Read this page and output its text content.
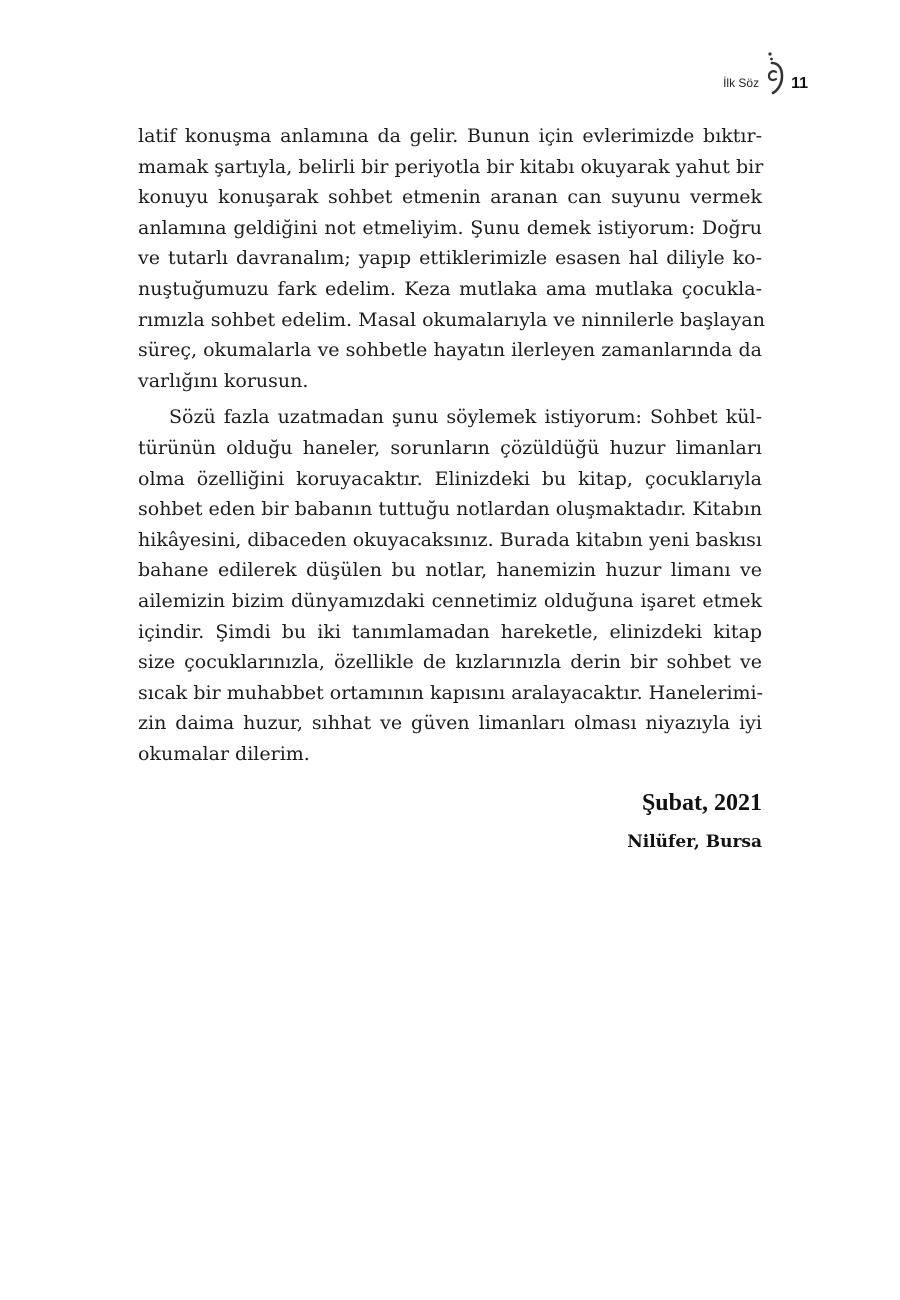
İlk Söz 11
latif konuşma anlamına da gelir. Bunun için evlerimizde bıktır-
mamak şartıyla, belirli bir periyotla bir kitabı okuyarak yahut bir
konuyu konuşarak sohbet etmenin aranan can suyunu vermek
anlamına geldiğini not etmeliyim. Şunu demek istiyorum: Doğru
ve tutarlı davranalım; yapıp ettiklerimizle esasen hal diliyle ko-
nuştuğumuzu fark edelim. Keza mutlaka ama mutlaka çocukla-
rımızla sohbet edelim. Masal okumalarıyla ve ninnilerle başlayan
süreç, okumalarla ve sohbetle hayatın ilerleyen zamanlarında da
varlığını korusun.
Sözü fazla uzatmadan şunu söylemek istiyorum: Sohbet kül-
türünün olduğu haneler, sorunların çözüldüğü huzur limanları
olma özelliğini koruyacaktır. Elinizdeki bu kitap, çocuklarıyla
sohbet eden bir babanın tuttuğu notlardan oluşmaktadır. Kitabın
hikâyesini, dibaceden okuyacaksınız. Burada kitabın yeni baskısı
bahane edilerek düşülen bu notlar, hanemizin huzur limanı ve
ailemizin bizim dünyamızdaki cennetimiz olduğuna işaret etmek
içindir. Şimdi bu iki tanımlamadan hareketle, elinizdeki kitap
size çocuklarınızla, özellikle de kızlarınızla derin bir sohbet ve
sıcak bir muhabbet ortamının kapısını aralayacaktır. Hanelerimi-
zin daima huzur, sıhhat ve güven limanları olması niyazıyla iyi
okumalar dilerim.
Şubat, 2021
Nilüfer, Bursa
